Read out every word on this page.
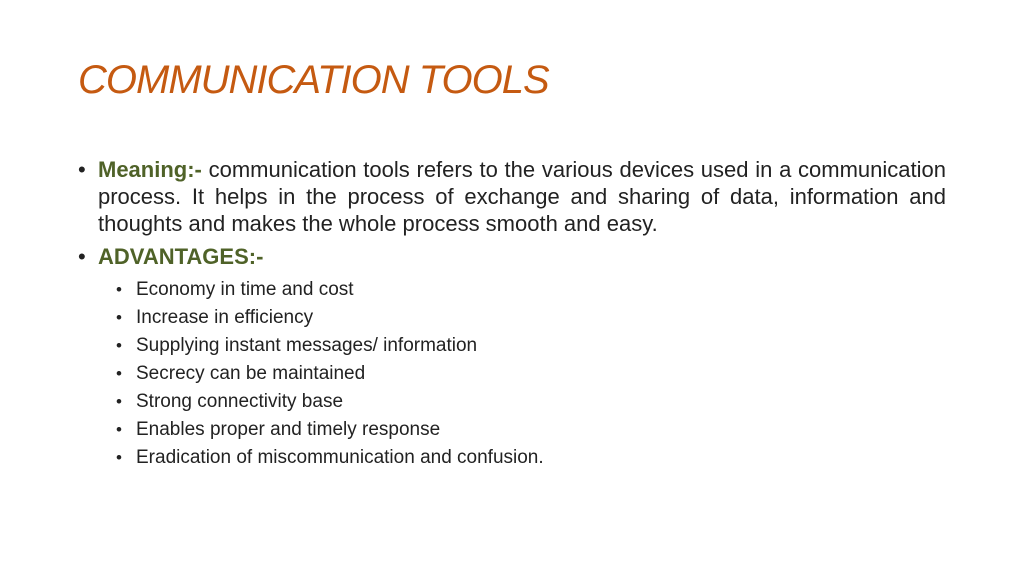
COMMUNICATION TOOLS
• Meaning:- communication tools refers to the various devices used in a communication process. It helps in the process of exchange and sharing of data, information and thoughts and makes the whole process smooth and easy.
• ADVANTAGES:-
• Economy in time and cost
• Increase in efficiency
• Supplying instant messages/ information
• Secrecy can be maintained
• Strong connectivity base
• Enables proper and timely response
• Eradication of miscommunication and confusion.
